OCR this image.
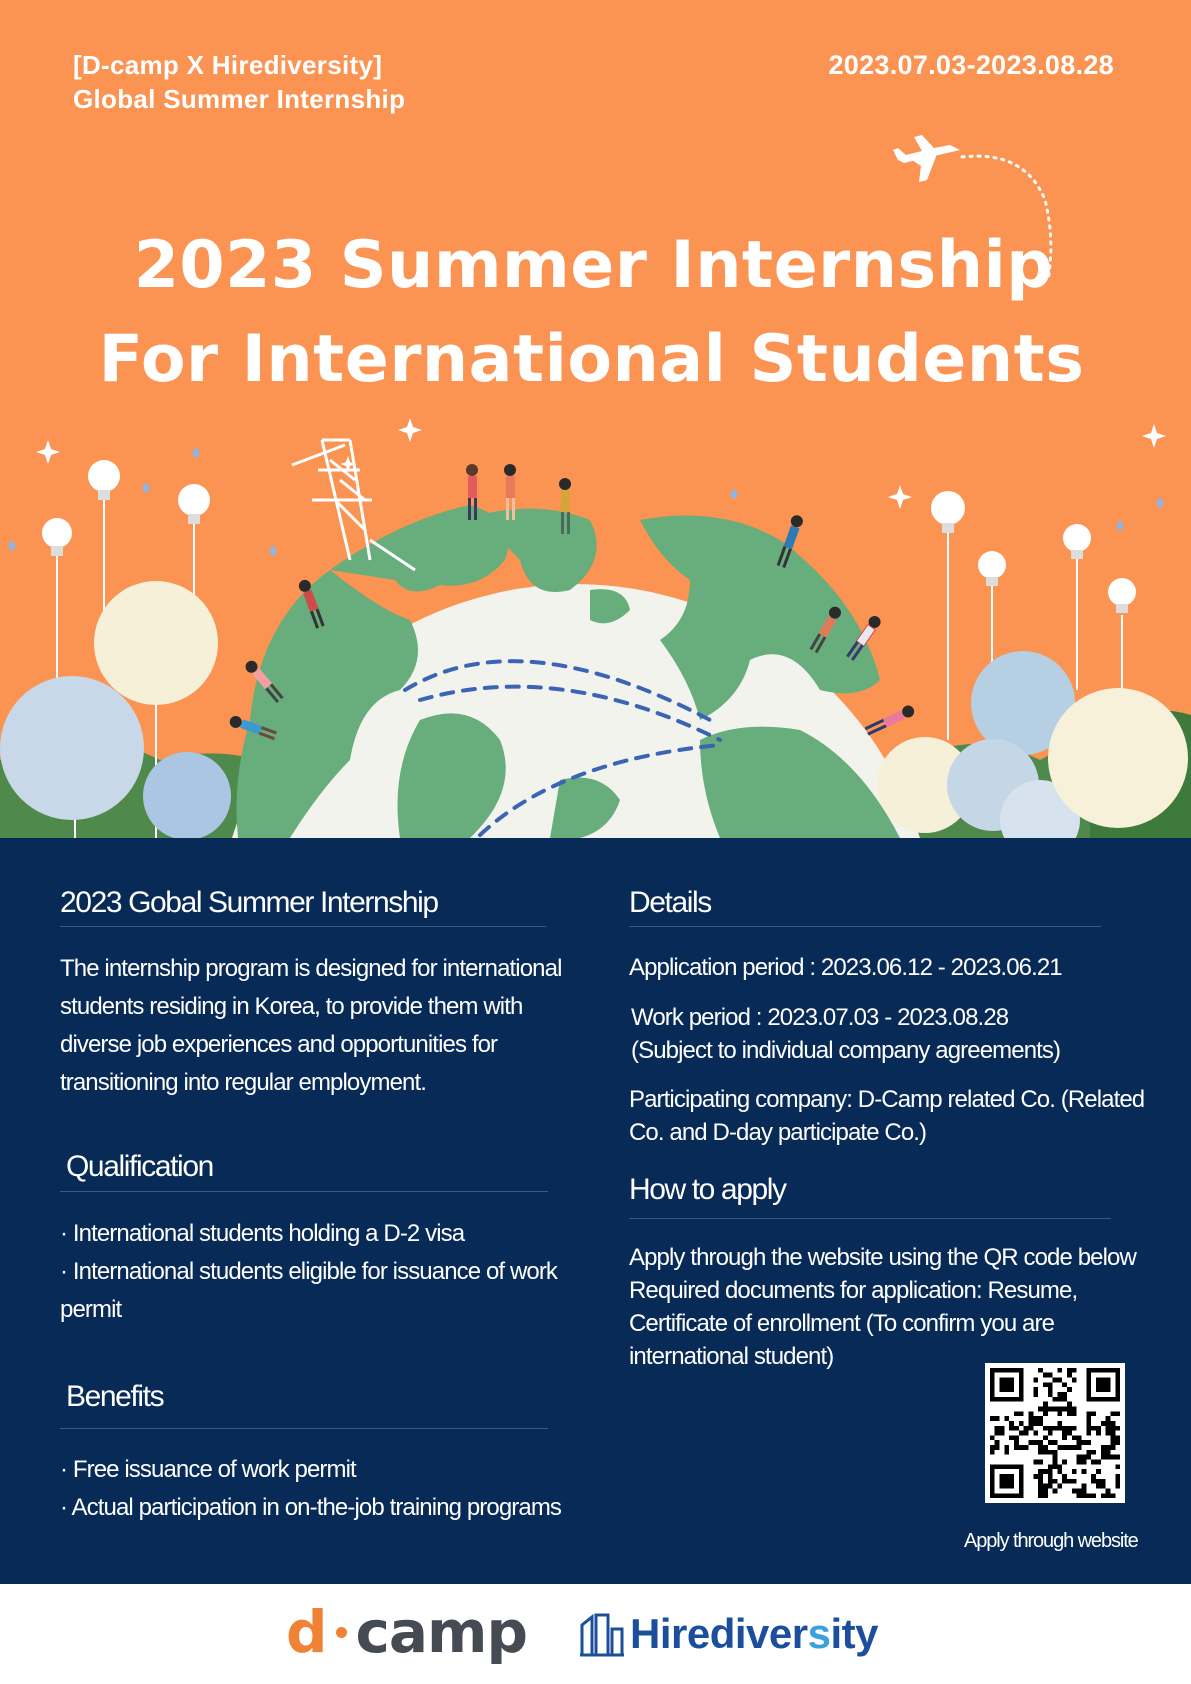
[D-camp X Hirediversity]
Global Summer Internship
2023.07.03-2023.08.28
2023 Summer Internship
For International Students
2023 Gobal Summer Internship
The internship program is designed for international students residing in Korea, to provide them with diverse job experiences and opportunities for transitioning into regular employment.
Qualification

· International students holding a D-2 visa

· International students eligible for issuance of work permit

Benefits

· Free issuance of work permit

· Actual participation in on-the-job training programs

Details
Application period : 2023.06.12 - 2023.06.21

Work period : 2023.07.03 - 2023.08.28

(Subject to individual company agreements)

Participating company: D-Camp related Co. (Related Co. and D-day participate Co.)
How to apply

Apply through the website using the QR code below

Required documents for application: Resume, Certificate of enrollment (To confirm you are international student)

Apply through website
d camp Hirediversity
